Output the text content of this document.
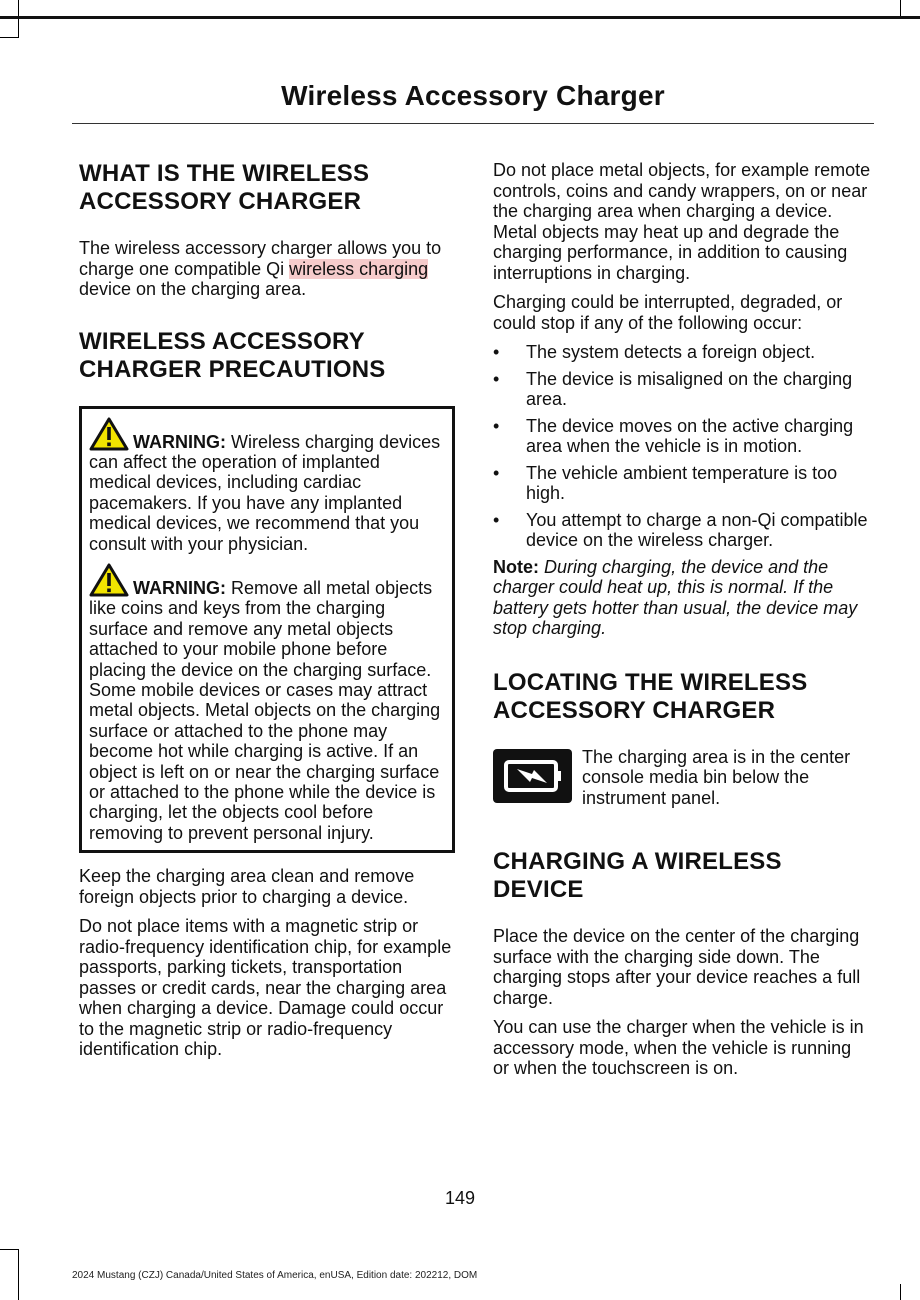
Wireless Accessory Charger
WHAT IS THE WIRELESS ACCESSORY CHARGER

The wireless accessory charger allows you to charge one compatible Qi wireless charging device on the charging area.

WIRELESS ACCESSORY CHARGER PRECAUTIONS

WARNING: Wireless charging devices can affect the operation of implanted medical devices, including cardiac pacemakers. If you have any implanted medical devices, we recommend that you consult with your physician.

WARNING: Remove all metal objects like coins and keys from the charging surface and remove any metal objects attached to your mobile phone before placing the device on the charging surface. Some mobile devices or cases may attract metal objects. Metal objects on the charging surface or attached to the phone may become hot while charging is active. If an object is left on or near the charging surface or attached to the phone while the device is charging, let the objects cool before removing to prevent personal injury.

Keep the charging area clean and remove foreign objects prior to charging a device.

Do not place items with a magnetic strip or radio-frequency identification chip, for example passports, parking tickets, transportation passes or credit cards, near the charging area when charging a device. Damage could occur to the magnetic strip or radio-frequency identification chip.

Do not place metal objects, for example remote controls, coins and candy wrappers, on or near the charging area when charging a device. Metal objects may heat up and degrade the charging performance, in addition to causing interruptions in charging.

Charging could be interrupted, degraded, or could stop if any of the following occur:

• The system detects a foreign object.
• The device is misaligned on the charging area.
• The device moves on the active charging area when the vehicle is in motion.
• The vehicle ambient temperature is too high.
• You attempt to charge a non-Qi compatible device on the wireless charger.

Note: During charging, the device and the charger could heat up, this is normal. If the battery gets hotter than usual, the device may stop charging.

LOCATING THE WIRELESS ACCESSORY CHARGER

The charging area is in the center console media bin below the instrument panel.

CHARGING A WIRELESS DEVICE

Place the device on the center of the charging surface with the charging side down. The charging stops after your device reaches a full charge.

You can use the charger when the vehicle is in accessory mode, when the vehicle is running or when the touchscreen is on.

149
2024 Mustang (CZJ) Canada/United States of America, enUSA, Edition date: 202212, DOM
